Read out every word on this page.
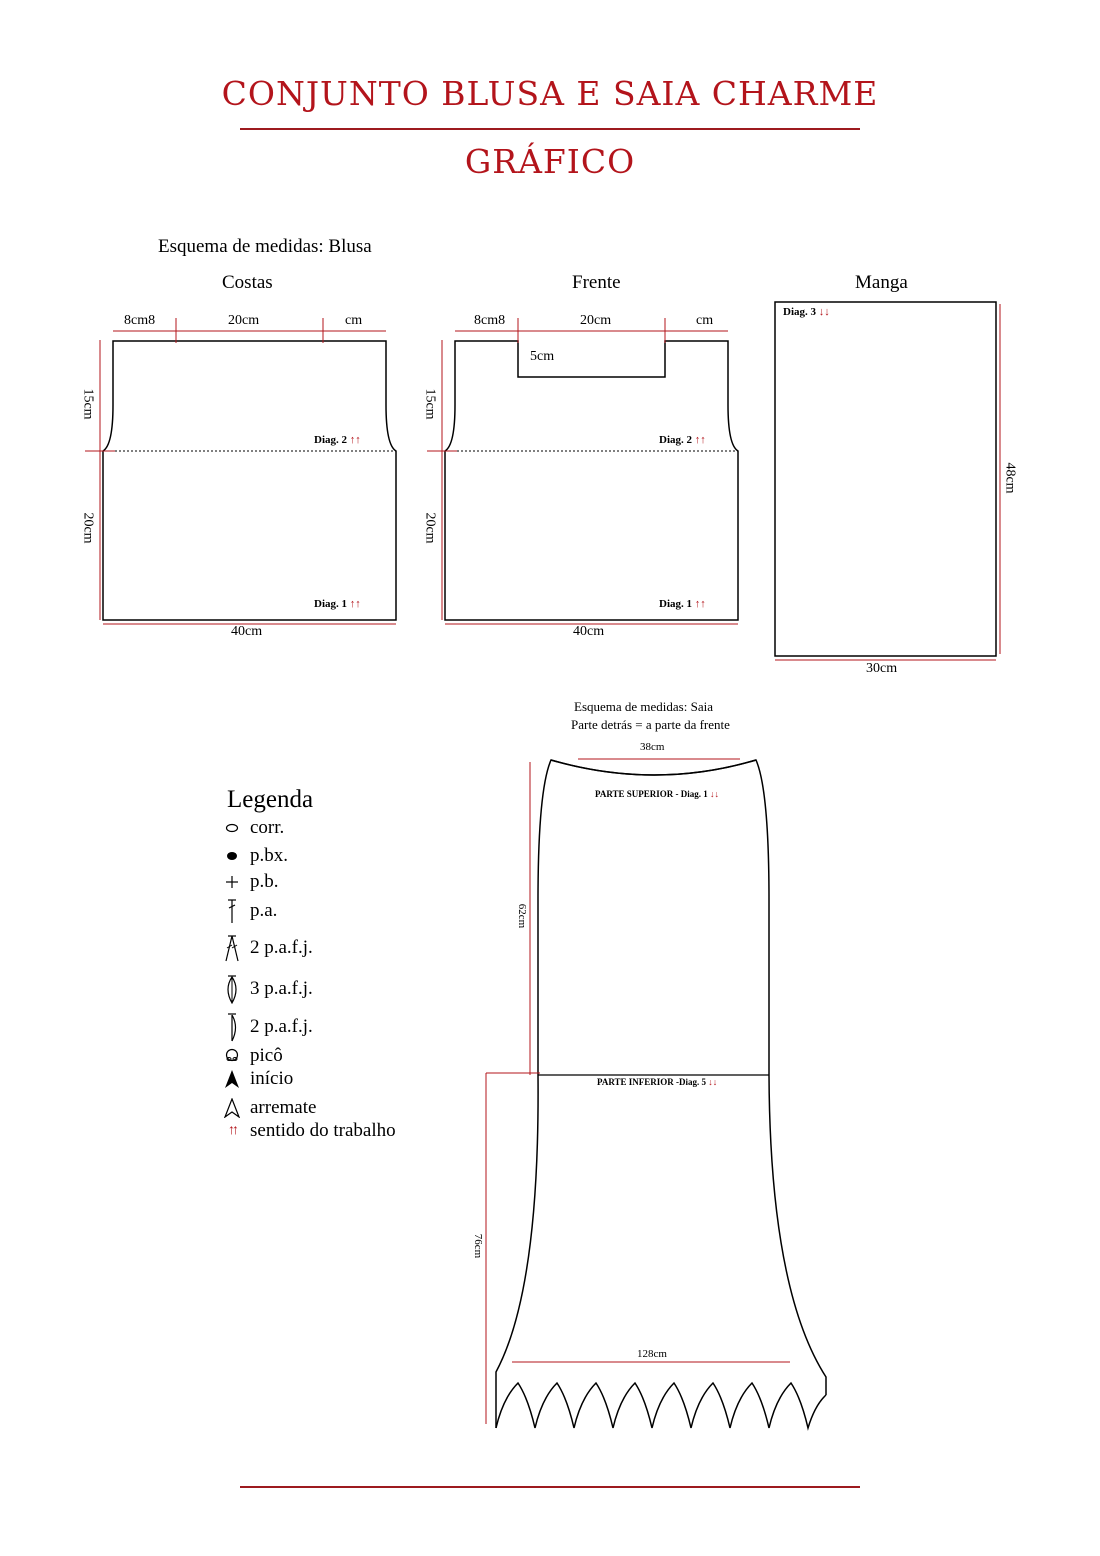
CONJUNTO BLUSA E SAIA CHARME
GRÁFICO
Esquema de medidas: Blusa
Costas
8cm8	20cm	cm
15cm
20cm
40cm
Diag. 2 ↑↑
Diag. 1 ↑↑
Frente
8cm8	20cm	cm
5cm
15cm
20cm
40cm
Diag. 2 ↑↑
Diag. 1 ↑↑
Manga
Diag. 3 ↓↓
48cm
30cm
Esquema de medidas: Saia
Parte detrás = a parte da frente
38cm
PARTE SUPERIOR - Diag. 1 ↓↓
62cm
PARTE INFERIOR -Diag. 5 ↓↓
76cm
128cm
Legenda
corr.
p.bx.
p.b.
p.a.
2 p.a.f.j.
3 p.a.f.j.
2 p.a.f.j.
picô
início
arremate
↑↑ sentido do trabalho
